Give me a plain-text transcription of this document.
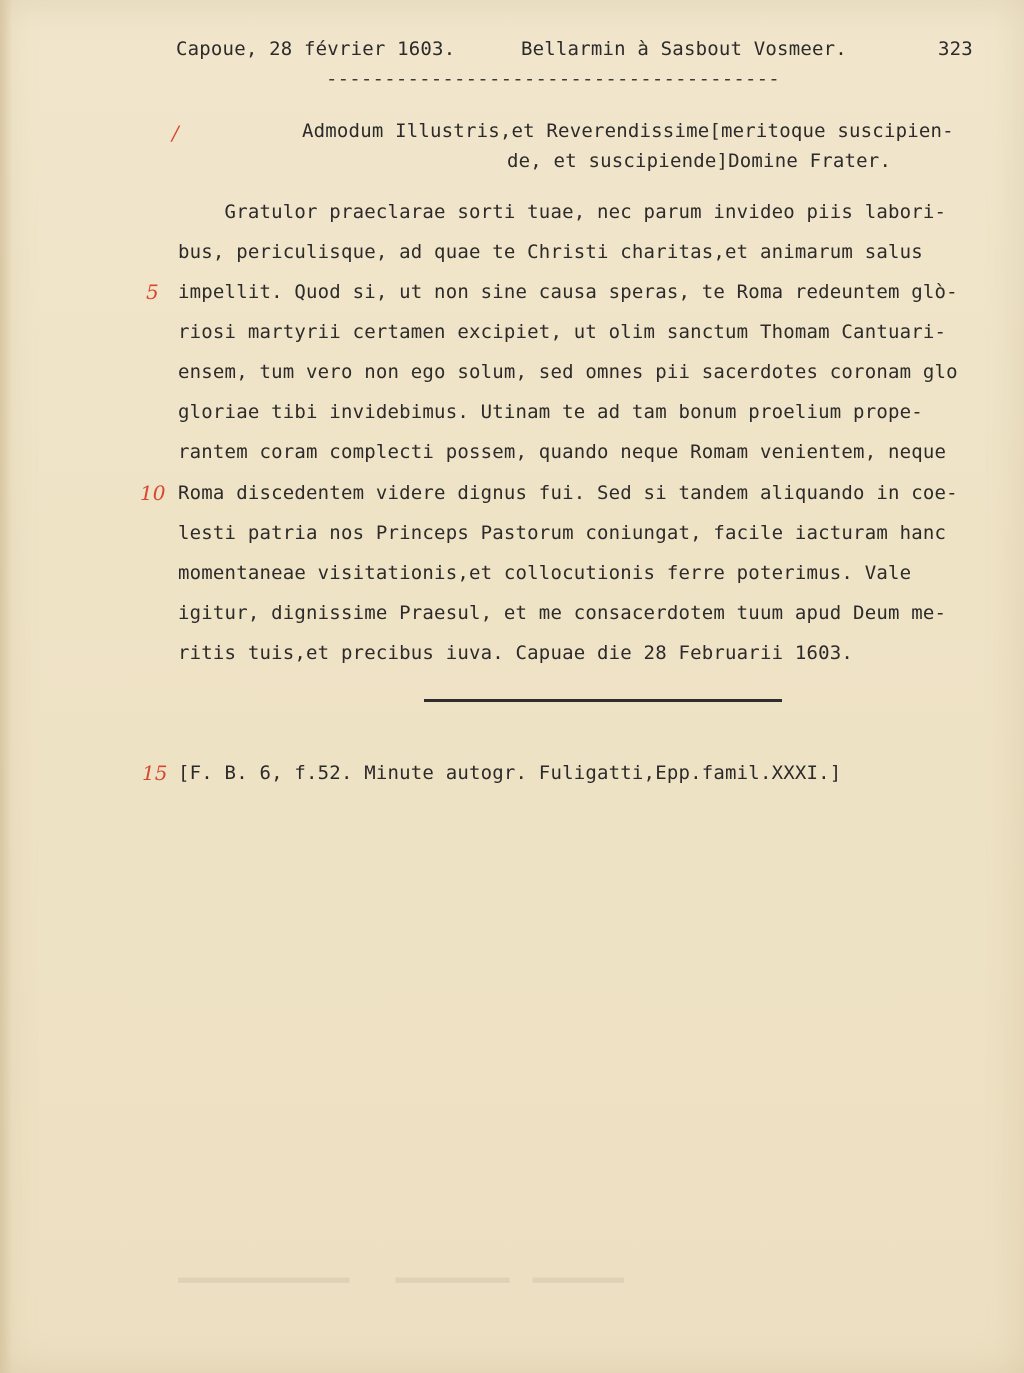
Capoue, 28 février 1603.	Bellarmin à Sasbout Vosmeer.	323
---------------------------------------
Admodum Illustris,et Reverendissime[meritoque suscipien-
de, et suscipiende]Domine Frater.
Gratulor praeclarae sorti tuae, nec parum invideo piis labori-
bus, periculisque, ad quae te Christi charitas,et animarum salus
impellit. Quod si, ut non sine causa speras, te Roma redeuntem glò-
riosi martyrii certamen excipiet, ut olim sanctum Thomam Cantuari-
ensem, tum vero non ego solum, sed omnes pii sacerdotes coronam glo
gloriae tibi invidebimus. Utinam te ad tam bonum proelium prope-
rantem coram complecti possem, quando neque Romam venientem, neque
Roma discedentem videre dignus fui. Sed si tandem aliquando in coe-
lesti patria nos Princeps Pastorum coniungat, facile iacturam hanc
momentaneae visitationis,et collocutionis ferre poterimus. Vale
igitur, dignissime Praesul, et me consacerdotem tuum apud Deum me-
ritis tuis,et precibus iuva. Capuae die 28 Februarii 1603.
[F. B. 6, f.52. Minute autogr. Fuligatti,Epp.famil.XXXI.]
/
5
10
15
▬▬▬▬▬▬▬▬  ▬▬▬▬▬▬▬▬▬▬    ▬▬▬▬▬▬▬▬▬▬▬▬▬▬▬
